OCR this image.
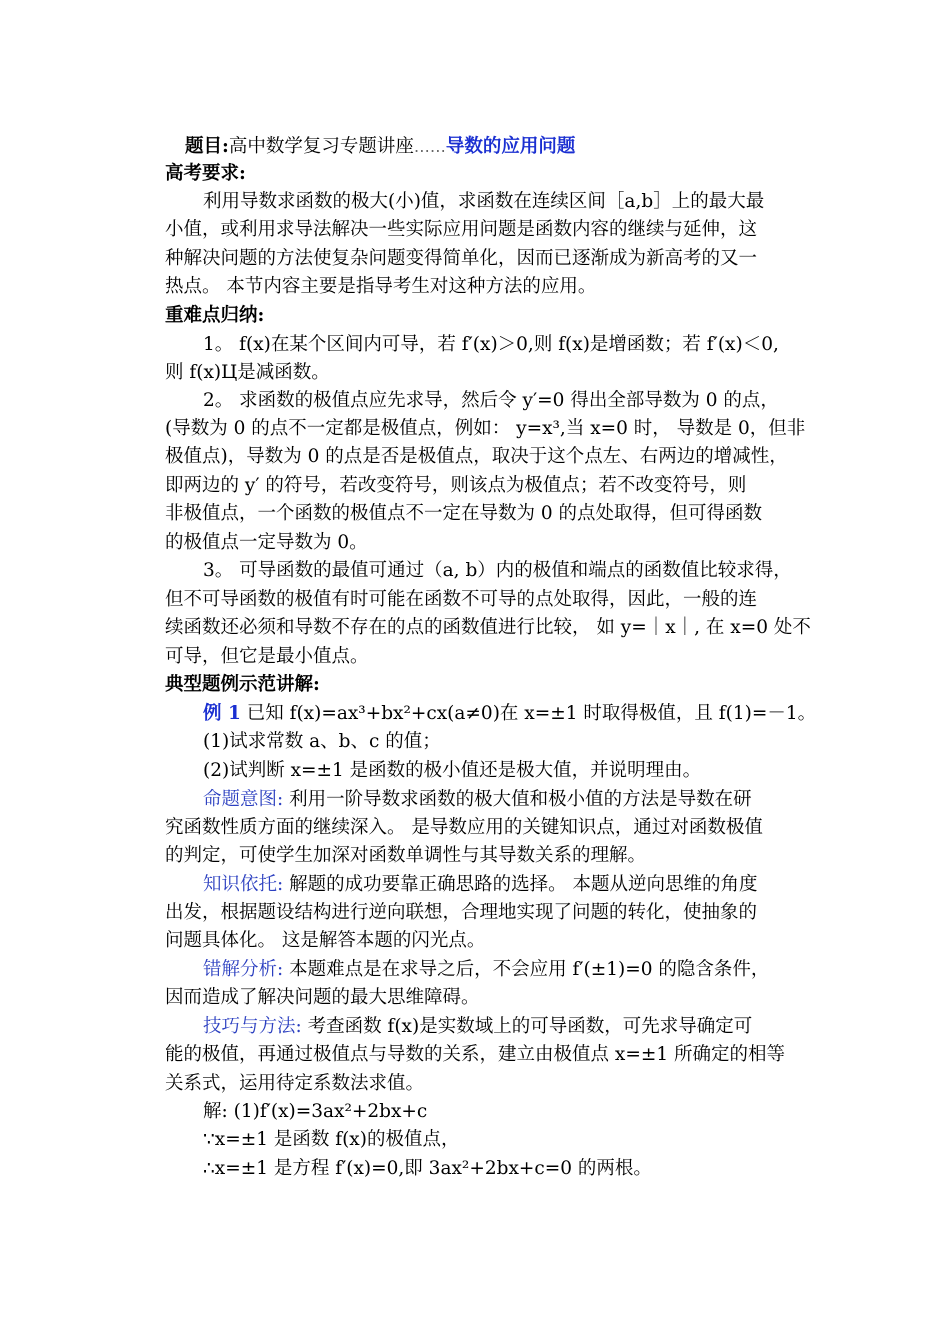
题目:高中数学复习专题讲座……导数的应用问题
高考要求:
利用导数求函数的极大(小)值，求函数在连续区间［a,b］上的最大最
小值，或利用求导法解决一些实际应用问题是函数内容的继续与延伸，这
种解决问题的方法使复杂问题变得简单化，因而已逐渐成为新高考的又一
热点。 本节内容主要是指导考生对这种方法的应用。
重难点归纳:
1。 f(x)在某个区间内可导，若 f′(x)＞0,则 f(x)是增函数；若 f′(x)＜0,
则 f(x)Ц是减函数。
2。 求函数的极值点应先求导，然后令 y′=0 得出全部导数为 0 的点，
(导数为 0 的点不一定都是极值点，例如： y=x³,当 x=0 时， 导数是 0，但非
极值点)，导数为 0 的点是否是极值点，取决于这个点左、右两边的增减性，
即两边的 y′ 的符号，若改变符号，则该点为极值点；若不改变符号，则
非极值点，一个函数的极值点不一定在导数为 0 的点处取得，但可得函数
的极值点一定导数为 0。
3。 可导函数的最值可通过（a, b）内的极值和端点的函数值比较求得，
但不可导函数的极值有时可能在函数不可导的点处取得，因此，一般的连
续函数还必须和导数不存在的点的函数值进行比较， 如 y=｜x｜, 在 x=0 处不
可导，但它是最小值点。
典型题例示范讲解:
例 1 已知 f(x)=ax³+bx²+cx(a≠0)在 x=±1 时取得极值，且 f(1)=－1。
(1)试求常数 a、b、c 的值；
(2)试判断 x=±1 是函数的极小值还是极大值，并说明理由。
命题意图: 利用一阶导数求函数的极大值和极小值的方法是导数在研
究函数性质方面的继续深入。 是导数应用的关键知识点，通过对函数极值
的判定，可使学生加深对函数单调性与其导数关系的理解。
知识依托: 解题的成功要靠正确思路的选择。 本题从逆向思维的角度
出发，根据题设结构进行逆向联想，合理地实现了问题的转化，使抽象的
问题具体化。 这是解答本题的闪光点。
错解分析: 本题难点是在求导之后，不会应用 f′(±1)=0 的隐含条件，
因而造成了解决问题的最大思维障碍。
技巧与方法: 考查函数 f(x)是实数域上的可导函数，可先求导确定可
能的极值，再通过极值点与导数的关系，建立由极值点 x=±1 所确定的相等
关系式，运用待定系数法求值。
解: (1)f′(x)=3ax²+2bx+c
∵x=±1 是函数 f(x)的极值点，
∴x=±1 是方程 f′(x)=0,即 3ax²+2bx+c=0 的两根。
